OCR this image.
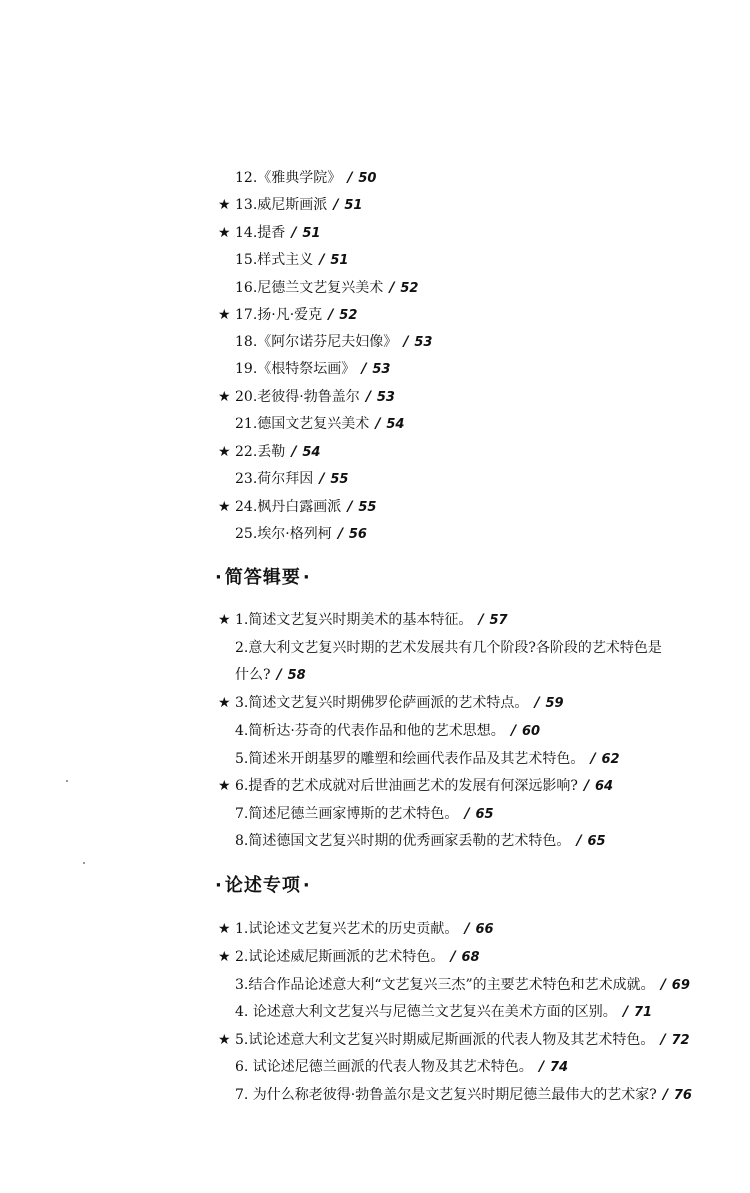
12.《雅典学院》 / 50
★ 13.威尼斯画派 / 51
★ 14.提香 / 51
15.样式主义 / 51
16.尼德兰文艺复兴美术 / 52
★ 17.扬·凡·爱克 / 52
18.《阿尔诺芬尼夫妇像》 / 53
19.《根特祭坛画》 / 53
★ 20.老彼得·勃鲁盖尔 / 53
21.德国文艺复兴美术 / 54
★ 22.丢勒 / 54
23.荷尔拜因 / 55
★ 24.枫丹白露画派 / 55
25.埃尔·格列柯 / 56
· 简答辑要 ·
★ 1.简述文艺复兴时期美术的基本特征。 / 57
2.意大利文艺复兴时期的艺术发展共有几个阶段?各阶段的艺术特色是
什么? / 58
★ 3.简述文艺复兴时期佛罗伦萨画派的艺术特点。 / 59
4.简析达·芬奇的代表作品和他的艺术思想。 / 60
5.简述米开朗基罗的雕塑和绘画代表作品及其艺术特色。 / 62
★ 6.提香的艺术成就对后世油画艺术的发展有何深远影响? / 64
7.简述尼德兰画家博斯的艺术特色。 / 65
8.简述德国文艺复兴时期的优秀画家丢勒的艺术特色。 / 65
· 论述专项 ·
★ 1.试论述文艺复兴艺术的历史贡献。 / 66
★ 2.试论述威尼斯画派的艺术特色。 / 68
3.结合作品论述意大利“文艺复兴三杰”的主要艺术特色和艺术成就。 / 69
4. 论述意大利文艺复兴与尼德兰文艺复兴在美术方面的区别。 / 71
★ 5.试论述意大利文艺复兴时期威尼斯画派的代表人物及其艺术特色。 / 72
6. 试论述尼德兰画派的代表人物及其艺术特色。 / 74
7. 为什么称老彼得·勃鲁盖尔是文艺复兴时期尼德兰最伟大的艺术家? / 76
